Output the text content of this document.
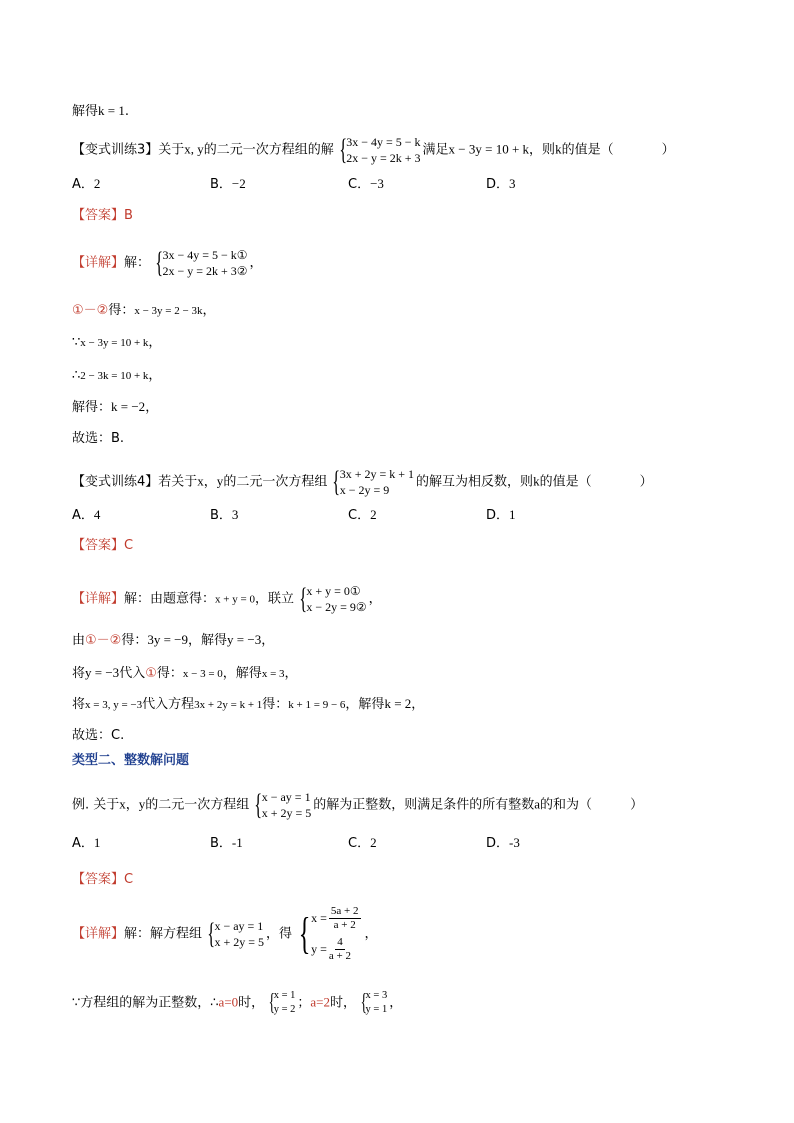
解得k = 1.
【变式训练3】关于x, y的二元一次方程组的解 { 3x − 4y = 5 − k
2x − y = 2k + 3
满足x − 3y = 10 + k，则k的值是（	）
A．2	B．−2	C．−3	D．3
【答案】B
【详解】解： { 3x − 4y = 5 − k①
2x − y = 2k + 3②
，
①－②得：x − 3y = 2 − 3k，
∵x − 3y = 10 + k，
∴2 − 3k = 10 + k，
解得：k = −2，
故选：B.
【变式训练4】若关于x，y的二元一次方程组 { 3x + 2y = k + 1
x − 2y = 9
的解互为相反数，则k的值是（	）
A．4	B．3	C．2	D．1
【答案】C
【详解】解：由题意得：x + y = 0，联立 { x + y = 0①
x − 2y = 9②
，
由①－②得：3y = −9，解得y = −3，
将y = −3代入①得：x − 3 = 0，解得x = 3，
将x = 3, y = −3代入方程3x + 2y = k + 1得：k + 1 = 9 − 6，解得k = 2，
故选：C.
类型二、整数解问题
例. 关于x，y的二元一次方程组 { x − ay = 1
x + 2y = 5
的解为正整数，则满足条件的所有整数a的和为（	）
A．1	B．-1	C．2	D．-3
【答案】C
【详解】解：解方程组 { x − ay = 1
x + 2y = 5
，得 { $x = \frac{5a + 2}{a + 2}$
$y = \frac{4}{a + 2}$
，
∵方程组的解为正整数，∴a=0时， {
x = 1
y = 2 ；a=2时， {
x = 3
y = 1 ，
